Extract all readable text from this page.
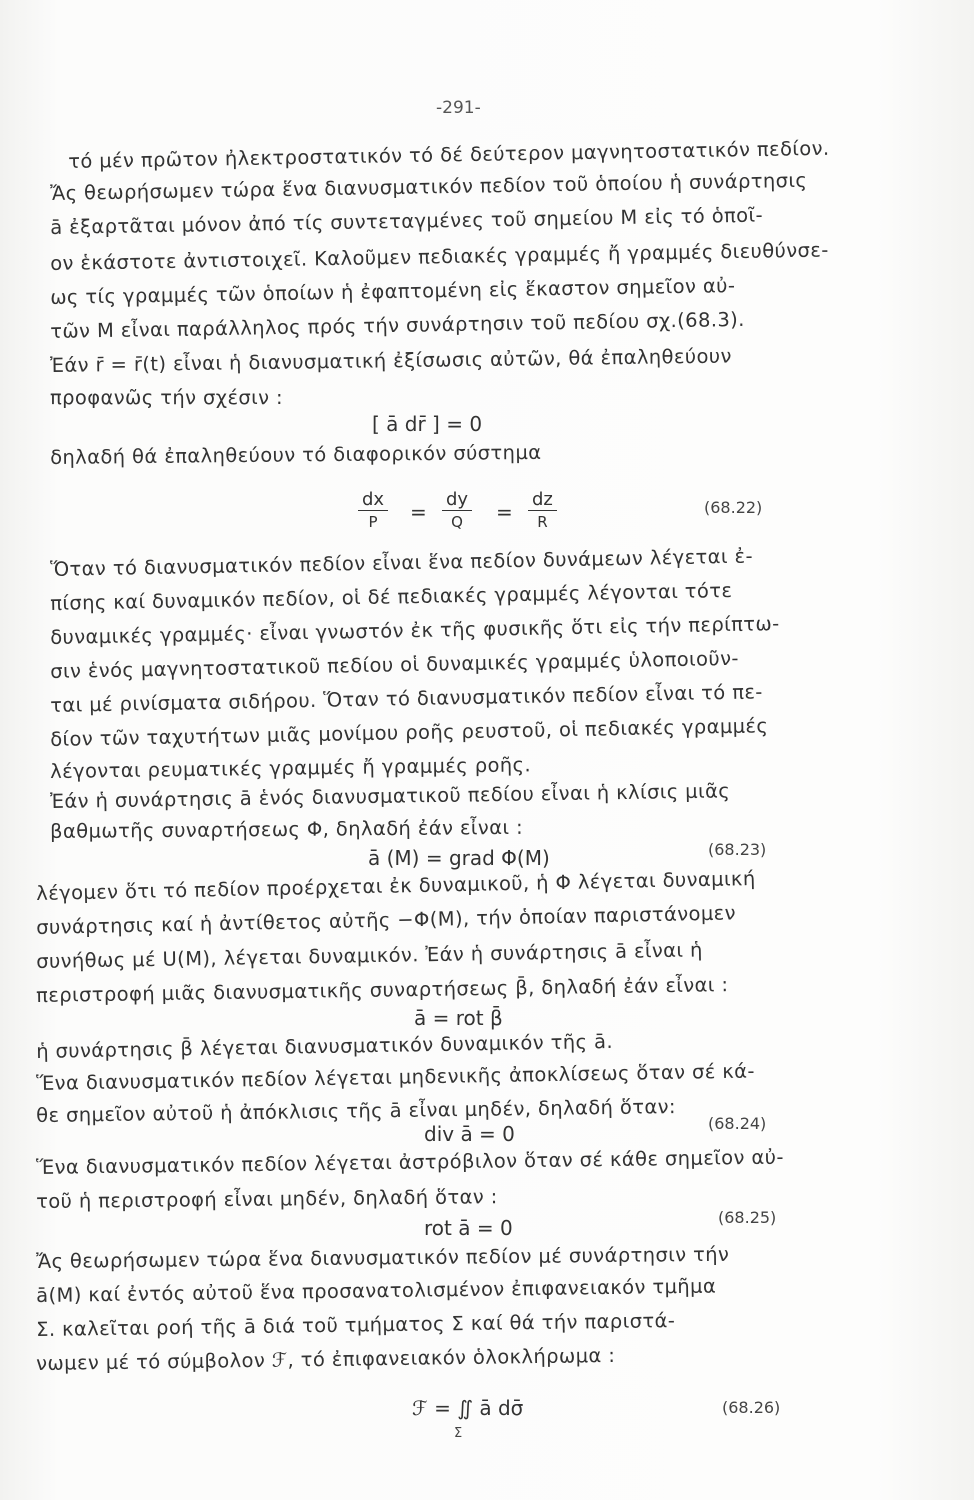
-291-
τό μέν πρῶτον ἠλεκτροστατικόν τό δέ δεύτερον μαγνητοστατικόν πεδίον.
Ἄς θεωρήσωμεν τώρα ἕνα διανυσματικόν πεδίον τοῦ ὁποίου ἡ συνάρτησις
ā ἐξαρτᾶται μόνον ἀπό τίς συντεταγμένες τοῦ σημείου M εἰς τό ὁποῖ-
ον ἑκάστοτε ἀντιστοιχεῖ. Καλοῦμεν πεδιακές γραμμές ἤ γραμμές διευθύνσε-
ως τίς γραμμές τῶν ὁποίων ἡ ἐφαπτομένη εἰς ἕκαστον σημεῖον αὐ-
τῶν M εἶναι παράλληλος πρός τήν συνάρτησιν τοῦ πεδίου σχ.(68.3).
Ἐάν r̄ = r̄(t) εἶναι ἡ διανυσματική ἐξίσωσις αὐτῶν, θά ἐπαληθεύουν
προφανῶς τήν σχέσιν :
[ ā dr̄ ] = 0
δηλαδή θά ἐπαληθεύουν τό διαφορικόν σύστημα
dx
P	=
dy
Q	=
dz
R
(68.22)
Ὅταν τό διανυσματικόν πεδίον εἶναι ἕνα πεδίον δυνάμεων λέγεται ἐ-
πίσης καί δυναμικόν πεδίον, οἱ δέ πεδιακές γραμμές λέγονται τότε
δυναμικές γραμμές· εἶναι γνωστόν ἐκ τῆς φυσικῆς ὅτι εἰς τήν περίπτω-
σιν ἑνός μαγνητοστατικοῦ πεδίου οἱ δυναμικές γραμμές ὑλοποιοῦν-
ται μέ ρινίσματα σιδήρου. Ὅταν τό διανυσματικόν πεδίον εἶναι τό πε-
δίον τῶν ταχυτήτων μιᾶς μονίμου ροῆς ρευστοῦ, οἱ πεδιακές γραμμές
λέγονται ρευματικές γραμμές ἤ γραμμές ροῆς.
Ἐάν ἡ συνάρτησις ā ἑνός διανυσματικοῦ πεδίου εἶναι ἡ κλίσις μιᾶς
βαθμωτῆς συναρτήσεως Φ, δηλαδή ἐάν εἶναι :
ā (M) = grad Φ(M)	(68.23)
λέγομεν ὅτι τό πεδίον προέρχεται ἐκ δυναμικοῦ, ἡ Φ λέγεται δυναμική
συνάρτησις καί ἡ ἀντίθετος αὐτῆς −Φ(M), τήν ὁποίαν παριστάνομεν
συνήθως μέ U(M), λέγεται δυναμικόν. Ἐάν ἡ συνάρτησις ā εἶναι ἡ
περιστροφή μιᾶς διανυσματικῆς συναρτήσεως β̄, δηλαδή ἐάν εἶναι :
ā = rot β̄
ἡ συνάρτησις β̄ λέγεται διανυσματικόν δυναμικόν τῆς ā.
Ἕνα διανυσματικόν πεδίον λέγεται μηδενικῆς ἀποκλίσεως ὅταν σέ κά-
θε σημεῖον αὐτοῦ ἡ ἀπόκλισις τῆς ā εἶναι μηδέν, δηλαδή ὅταν:
div ā = 0	(68.24)
Ἕνα διανυσματικόν πεδίον λέγεται ἀστρόβιλον ὅταν σέ κάθε σημεῖον αὐ-
τοῦ ἡ περιστροφή εἶναι μηδέν, δηλαδή ὅταν :
rot ā = 0	(68.25)
Ἄς θεωρήσωμεν τώρα ἕνα διανυσματικόν πεδίον μέ συνάρτησιν τήν
ā(M) καί ἐντός αὐτοῦ ἕνα προσανατολισμένον ἐπιφανειακόν τμῆμα
Σ. καλεῖται ροή τῆς ā διά τοῦ τμήματος Σ καί θά τήν παριστά-
νωμεν μέ τό σύμβολον ℱ, τό ἐπιφανειακόν ὁλοκλήρωμα :
ℱ = ∬ ā dσ̄
Σ
(68.26)
